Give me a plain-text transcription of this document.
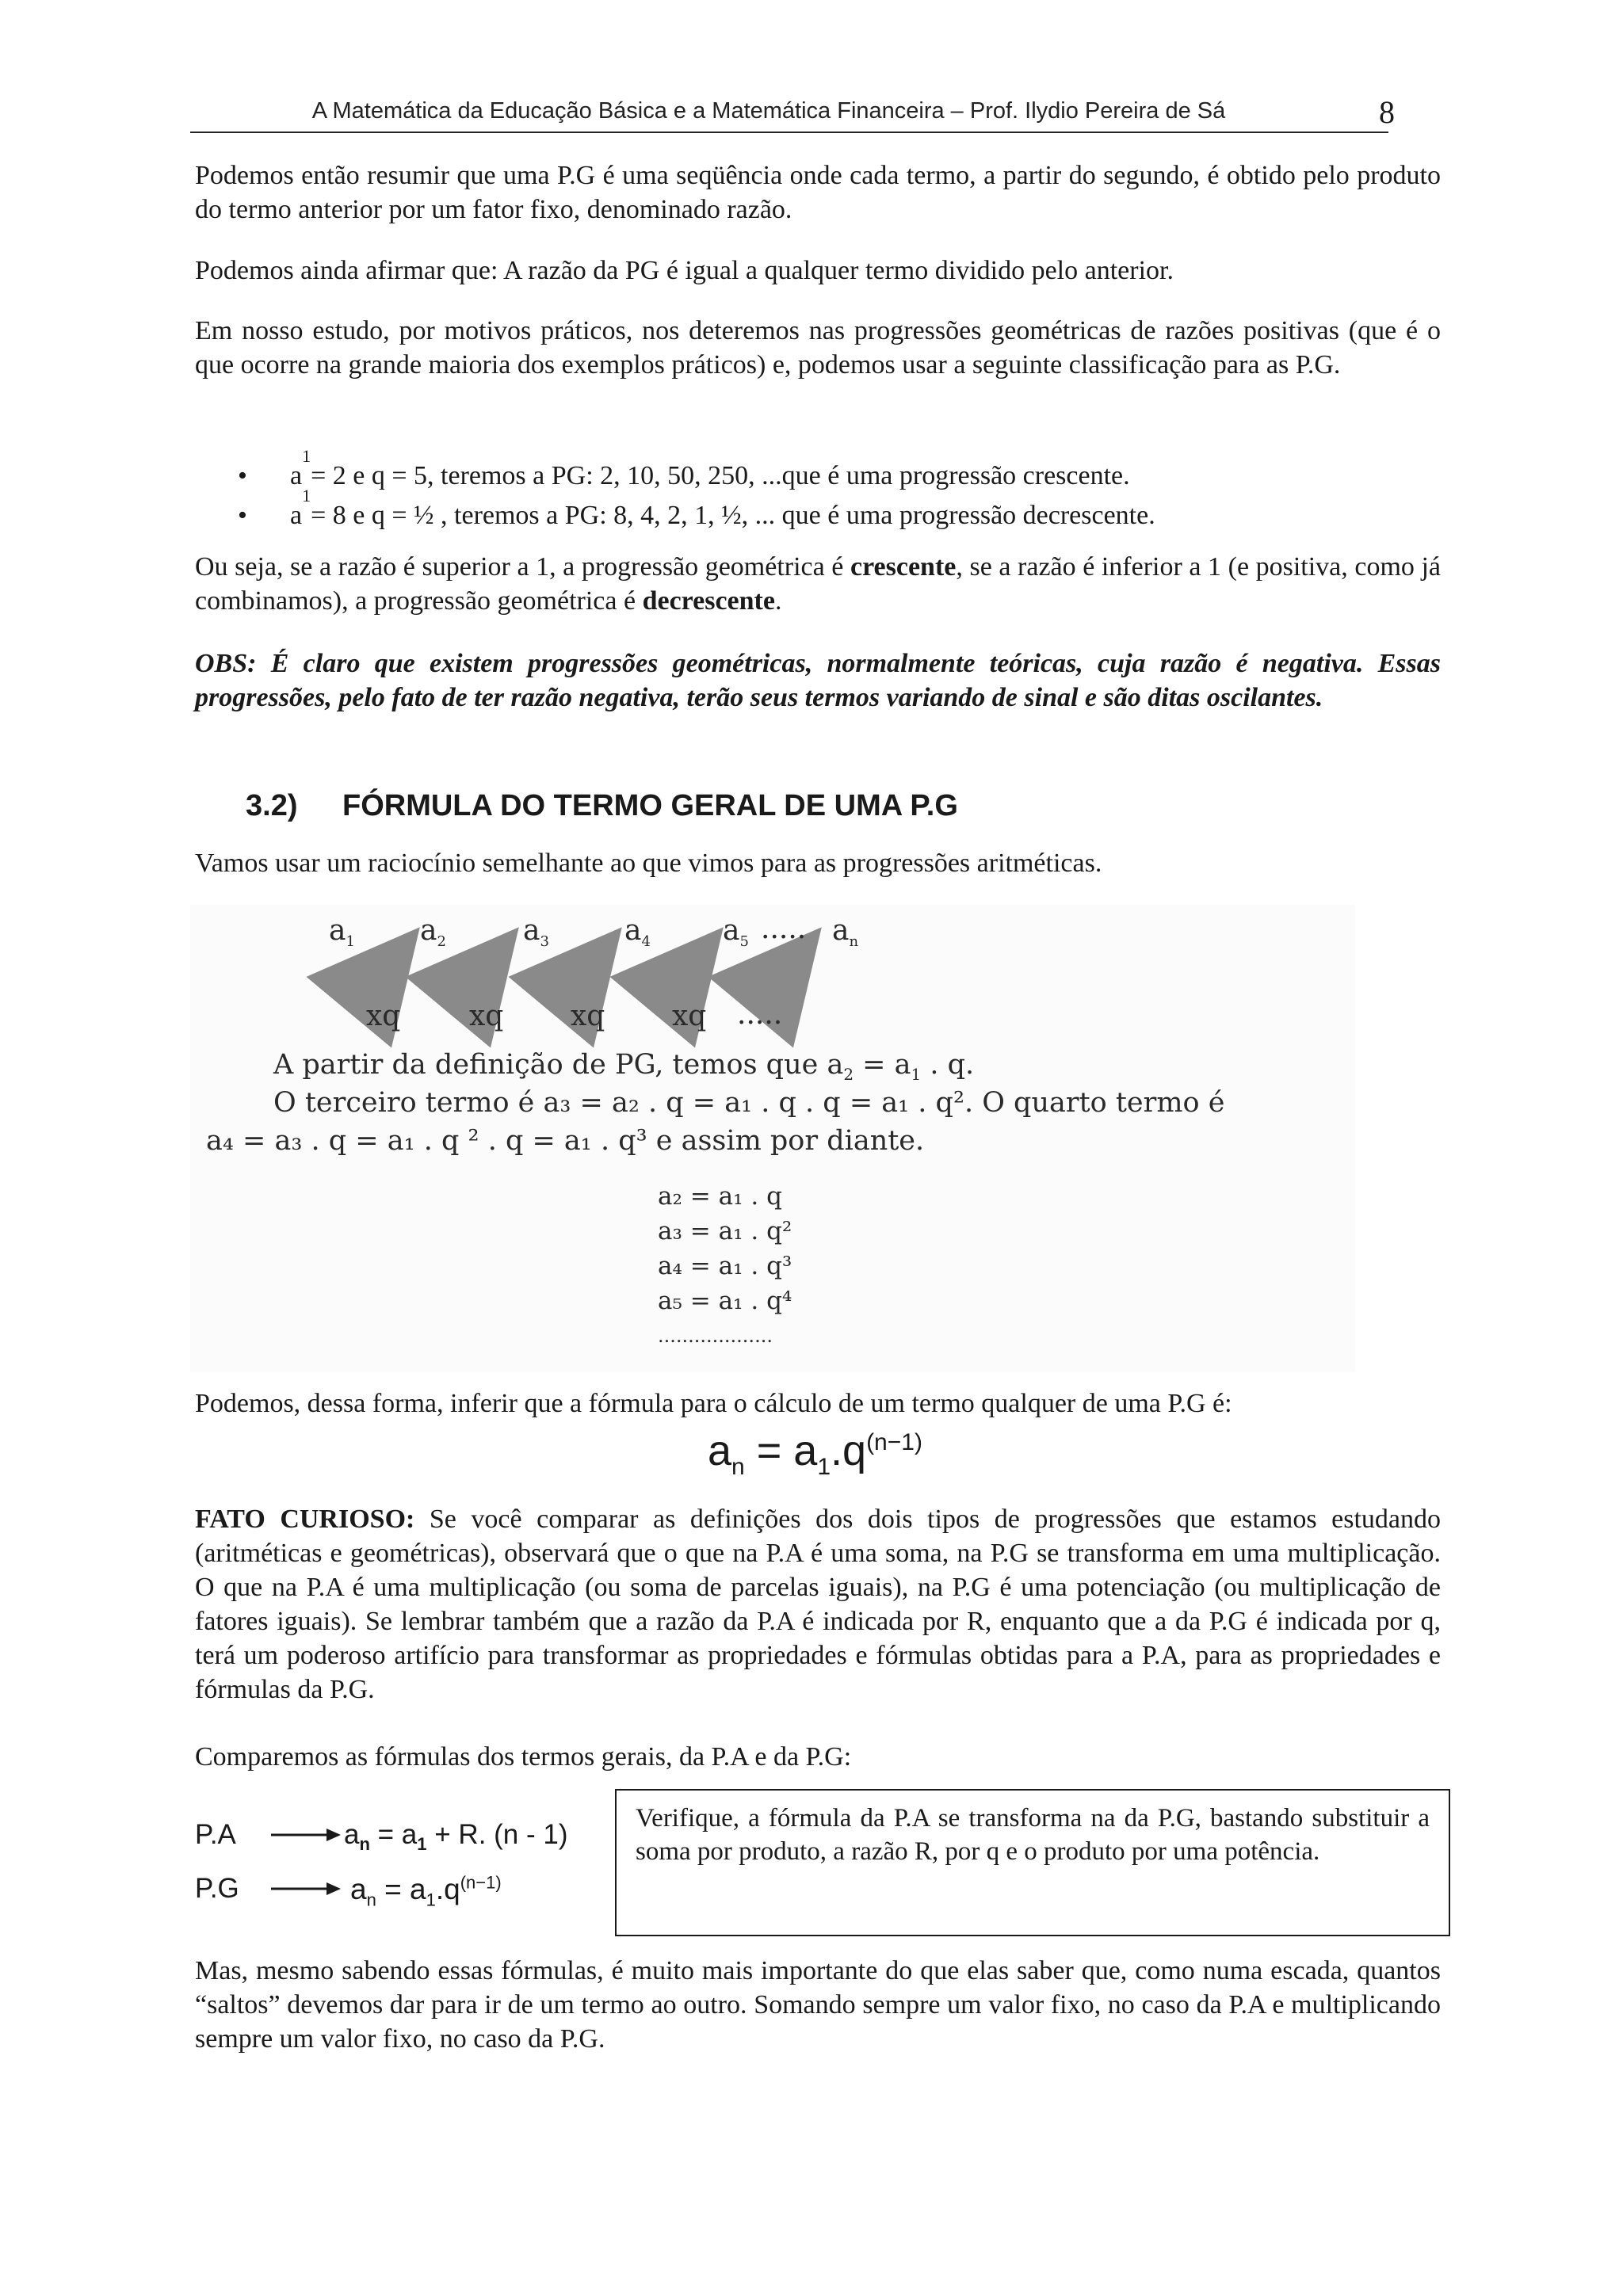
A Matemática da Educação Básica e a Matemática Financeira – Prof. Ilydio Pereira de Sá	8

Podemos então resumir que uma P.G é uma seqüência onde cada termo, a partir do segundo, é obtido pelo produto do termo anterior por um fator fixo, denominado razão.

Podemos ainda afirmar que: A razão da PG é igual a qualquer termo dividido pelo anterior.

Em nosso estudo, por motivos práticos, nos deteremos nas progressões geométricas de razões positivas (que é o que ocorre na grande maioria dos exemplos práticos) e, podemos usar a seguinte classificação para as P.G.

•	a
1
= 2 e q = 5, teremos a PG: 2, 10, 50, 250, ...que é uma progressão crescente.
•	a
1
= 8 e q = ½ , teremos a PG: 8, 4, 2, 1, ½, ... que é uma progressão decrescente.

Ou seja, se a razão é superior a 1, a progressão geométrica é crescente, se a razão é inferior a 1 (e positiva, como já combinamos), a progressão geométrica é decrescente.

OBS: É claro que existem progressões geométricas, normalmente teóricas, cuja razão é negativa. Essas progressões, pelo fato de ter razão negativa, terão seus termos variando de sinal e são ditas oscilantes.

3.2) FÓRMULA DO TERMO GERAL DE UMA P.G

Vamos usar um raciocínio semelhante ao que vimos para as progressões aritméticas.

$a_1$ $a_2$	$a_3$	$a_4$	$a_5$ ..... $a_n$
xq xq xq xq .....
A partir da definição de PG, temos que $a_2 = a_1$ . q.
O terceiro termo é a₃ = a₂ . q = a₁ . q . q = a₁ . q². O quarto termo é
a₄ = a₃ . q = a₁ . q ² . q = a₁ . q³ e assim por diante.
a₂ = a₁ . q
a₃ = a₁ . q²
a₄ = a₁ . q³
a₅ = a₁ . q⁴
...................

Podemos, dessa forma, inferir que a fórmula para o cálculo de um termo qualquer de uma P.G é:

$a_n = a_1.q^{(n-1)}$

FATO CURIOSO: Se você comparar as definições dos dois tipos de progressões que estamos estudando (aritméticas e geométricas), observará que o que na P.A é uma soma, na P.G se transforma em uma multiplicação. O que na P.A é uma multiplicação (ou soma de parcelas iguais), na P.G é uma potenciação (ou multiplicação de fatores iguais). Se lembrar também que a razão da P.A é indicada por R, enquanto que a da P.G é indicada por q, terá um poderoso artifício para transformar as propriedades e fórmulas obtidas para a P.A, para as propriedades e fórmulas da P.G.

Comparemos as fórmulas dos termos gerais, da P.A e da P.G:

P.A	$a_n = a_1 + R$. (n - 1)
P.G	$a_n = a_1.q^{(n-1)}$
Verifique, a fórmula da P.A se transforma na da P.G, bastando substituir a soma por produto, a razão R, por q e o produto por uma potência.

Mas, mesmo sabendo essas fórmulas, é muito mais importante do que elas saber que, como numa escada, quantos “saltos” devemos dar para ir de um termo ao outro. Somando sempre um valor fixo, no caso da P.A e multiplicando sempre um valor fixo, no caso da P.G.
